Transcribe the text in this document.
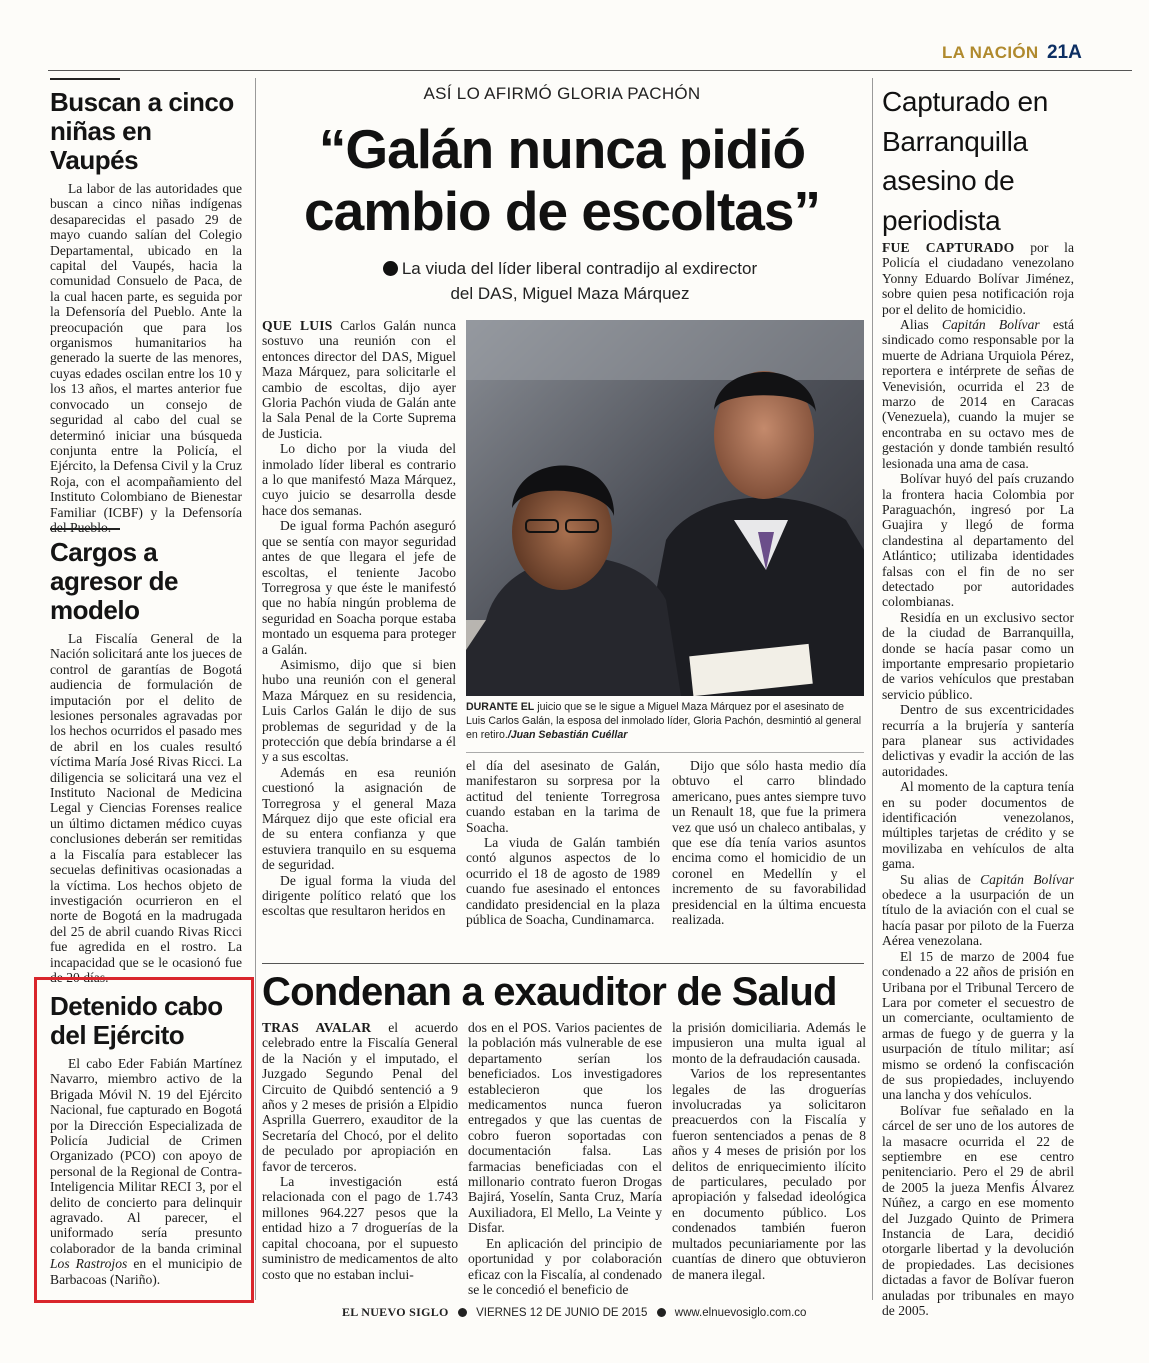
LA NACIÓN 21A
Buscan a cinco niñas en Vaupés

La labor de las autoridades que buscan a cinco niñas indígenas desaparecidas el pasado 29 de mayo cuando salían del Colegio Departamental, ubicado en la capital del Vaupés, hacia la comunidad Consuelo de Paca, de la cual hacen parte, es seguida por la Defensoría del Pueblo. Ante la preocupación que para los organismos humanitarios ha generado la suerte de las menores, cuyas edades oscilan entre los 10 y los 13 años, el martes anterior fue convocado un consejo de seguridad al cabo del cual se determinó iniciar una búsqueda conjunta entre la Policía, el Ejército, la Defensa Civil y la Cruz Roja, con el acompañamiento del Instituto Colombiano de Bienestar Familiar (ICBF) y la Defensoría del Pueblo.

Cargos a agresor de modelo

La Fiscalía General de la Nación solicitará ante los jueces de control de garantías de Bogotá audiencia de formulación de imputación por el delito de lesiones personales agravadas por los hechos ocurridos el pasado mes de abril en los cuales resultó víctima María José Rivas Ricci. La diligencia se solicitará una vez el Instituto Nacional de Medicina Legal y Ciencias Forenses realice un último dictamen médico cuyas conclusiones deberán ser remitidas a la Fiscalía para establecer las secuelas definitivas ocasionadas a la víctima. Los hechos objeto de investigación ocurrieron en el norte de Bogotá en la madrugada del 25 de abril cuando Rivas Ricci fue agredida en el rostro. La incapacidad que se le ocasionó fue de 20 días.

Detenido cabo del Ejército

El cabo Eder Fabián Martínez Navarro, miembro activo de la Brigada Móvil N. 19 del Ejército Nacional, fue capturado en Bogotá por la Dirección Especializada de Policía Judicial de Crimen Organizado (PCO) con apoyo de personal de la Regional de Contra-Inteligencia Militar RECI 3, por el delito de concierto para delinquir agravado. Al parecer, el uniformado sería presunto colaborador de la banda criminal Los Rastrojos en el municipio de Barbacoas (Nariño).

ASÍ LO AFIRMÓ GLORIA PACHÓN
“Galán nunca pidió cambio de escoltas”
La viuda del líder liberal contradijo al exdirector del DAS, Miguel Maza Márquez

QUE LUIS Carlos Galán nunca sostuvo una reunión con el entonces director del DAS, Miguel Maza Márquez, para solicitarle el cambio de escoltas, dijo ayer Gloria Pachón viuda de Galán ante la Sala Penal de la Corte Suprema de Justicia.

Lo dicho por la viuda del inmolado líder liberal es contrario a lo que manifestó Maza Márquez, cuyo juicio se desarrolla desde hace dos semanas.

De igual forma Pachón aseguró que se sentía con mayor seguridad antes de que llegara el jefe de escoltas, el teniente Jacobo Torregrosa y que éste le manifestó que no había ningún problema de seguridad en Soacha porque estaba montado un esquema para proteger a Galán.

Asimismo, dijo que si bien hubo una reunión con el general Maza Márquez en su residencia, Luis Carlos Galán le dijo de sus problemas de seguridad y de la protección que debía brindarse a él y a sus escoltas.

Además en esa reunión cuestionó la asignación de Torregrosa y el general Maza Márquez dijo que este oficial era de su entera confianza y que estuviera tranquilo en su esquema de seguridad.

De igual forma la viuda del dirigente político relató que los escoltas que resultaron heridos en

DURANTE EL juicio que se le sigue a Miguel Maza Márquez por el asesinato de Luis Carlos Galán, la esposa del inmolado líder, Gloria Pachón, desmintió al general en retiro./Juan Sebastián Cuéllar

el día del asesinato de Galán, manifestaron su sorpresa por la actitud del teniente Torregrosa cuando estaban en la tarima de Soacha.

La viuda de Galán también contó algunos aspectos de lo ocurrido el 18 de agosto de 1989 cuando fue asesinado el entonces candidato presidencial en la plaza pública de Soacha, Cundinamarca.

Dijo que sólo hasta medio día obtuvo el carro blindado americano, pues antes siempre tuvo un Renault 18, que fue la primera vez que usó un chaleco antibalas, y que ese día tenía varios asuntos encima como el homicidio de un coronel en Medellín y el incremento de su favorabilidad presidencial en la última encuesta realizada.

Capturado en Barranquilla asesino de periodista

FUE CAPTURADO por la Policía el ciudadano venezolano Yonny Eduardo Bolívar Jiménez, sobre quien pesa notificación roja por el delito de homicidio.

Alias Capitán Bolívar está sindicado como responsable por la muerte de Adriana Urquiola Pérez, reportera e intérprete de señas de Venevisión, ocurrida el 23 de marzo de 2014 en Caracas (Venezuela), cuando la mujer se encontraba en su octavo mes de gestación y donde también resultó lesionada una ama de casa.

Bolívar huyó del país cruzando la frontera hacia Colombia por Paraguachón, ingresó por La Guajira y llegó de forma clandestina al departamento del Atlántico; utilizaba identidades falsas con el fin de no ser detectado por autoridades colombianas.

Residía en un exclusivo sector de la ciudad de Barranquilla, donde se hacía pasar como un importante empresario propietario de varios vehículos que prestaban servicio público.

Dentro de sus excentricidades recurría a la brujería y santería para planear sus actividades delictivas y evadir la acción de las autoridades.

Al momento de la captura tenía en su poder documentos de identificación venezolanos, múltiples tarjetas de crédito y se movilizaba en vehículos de alta gama.

Su alias de Capitán Bolívar obedece a la usurpación de un título de la aviación con el cual se hacía pasar por piloto de la Fuerza Aérea venezolana.

El 15 de marzo de 2004 fue condenado a 22 años de prisión en Uribana por el Tribunal Tercero de Lara por cometer el secuestro de un comerciante, ocultamiento de armas de fuego y de guerra y la usurpación de título militar; así mismo se ordenó la confiscación de sus propiedades, incluyendo una lancha y dos vehículos.

Bolívar fue señalado en la cárcel de ser uno de los autores de la masacre ocurrida el 22 de septiembre en ese centro penitenciario. Pero el 29 de abril de 2005 la jueza Menfis Álvarez Núñez, a cargo en ese momento del Juzgado Quinto de Primera Instancia de Lara, decidió otorgarle libertad y la devolución de propiedades. Las decisiones dictadas a favor de Bolívar fueron anuladas por tribunales en mayo de 2005.

Condenan a exauditor de Salud

TRAS AVALAR el acuerdo celebrado entre la Fiscalía General de la Nación y el imputado, el Juzgado Segundo Penal del Circuito de Quibdó sentenció a 9 años y 2 meses de prisión a Elpidio Asprilla Guerrero, exauditor de la Secretaría del Chocó, por el delito de peculado por apropiación en favor de terceros.

La investigación está relacionada con el pago de 1.743 millones 964.227 pesos que la entidad hizo a 7 droguerías de la capital chocoana, por el supuesto suministro de medicamentos de alto costo que no estaban inclui-

dos en el POS. Varios pacientes de la población más vulnerable de ese departamento serían los beneficiados. Los investigadores establecieron que los medicamentos nunca fueron entregados y que las cuentas de cobro fueron soportadas con documentación falsa. Las farmacias beneficiadas con el millonario contrato fueron Drogas Bajirá, Yoselín, Santa Cruz, María Auxiliadora, El Mello, La Veinte y Disfar.

En aplicación del principio de oportunidad y por colaboración eficaz con la Fiscalía, al condenado se le concedió el beneficio de

la prisión domiciliaria. Además le impusieron una multa igual al monto de la defraudación causada.

Varios de los representantes legales de las droguerías involucradas ya solicitaron preacuerdos con la Fiscalía y fueron sentenciados a penas de 8 años y 4 meses de prisión por los delitos de enriquecimiento ilícito de particulares, peculado por apropiación y falsedad ideológica en documento público. Los condenados también fueron multados pecuniariamente por las cuantías de dinero que obtuvieron de manera ilegal.

EL NUEVO SIGLO VIERNES 12 DE JUNIO DE 2015 www.elnuevosiglo.com.co
